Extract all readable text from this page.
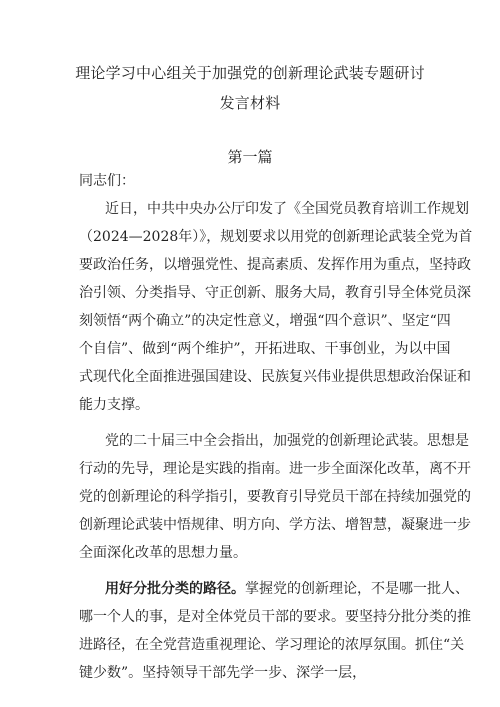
理论学习中心组关于加强党的创新理论武装专题研讨
发言材料
第一篇
同志们：
近日，中共中央办公厅印发了《全国党员教育培训工作规划
（2024—2028年）》，规划要求以用党的创新理论武装全党为首
要政治任务，以增强党性、提高素质、发挥作用为重点，坚持政
治引领、分类指导、守正创新、服务大局，教育引导全体党员深
刻领悟“两个确立”的决定性意义，增强“四个意识”、坚定“四
个自信”、做到“两个维护”，开拓进取、干事创业，为以中国
式现代化全面推进强国建设、民族复兴伟业提供思想政治保证和
能力支撑。
党的二十届三中全会指出，加强党的创新理论武装。思想是
行动的先导，理论是实践的指南。进一步全面深化改革，离不开
党的创新理论的科学指引，要教育引导党员干部在持续加强党的
创新理论武装中悟规律、明方向、学方法、增智慧，凝聚进一步
全面深化改革的思想力量。
用好分批分类的路径。掌握党的创新理论，不是哪一批人、
哪一个人的事，是对全体党员干部的要求。要坚持分批分类的推
进路径，在全党营造重视理论、学习理论的浓厚氛围。抓住“关
键少数”。坚持领导干部先学一步、深学一层，
